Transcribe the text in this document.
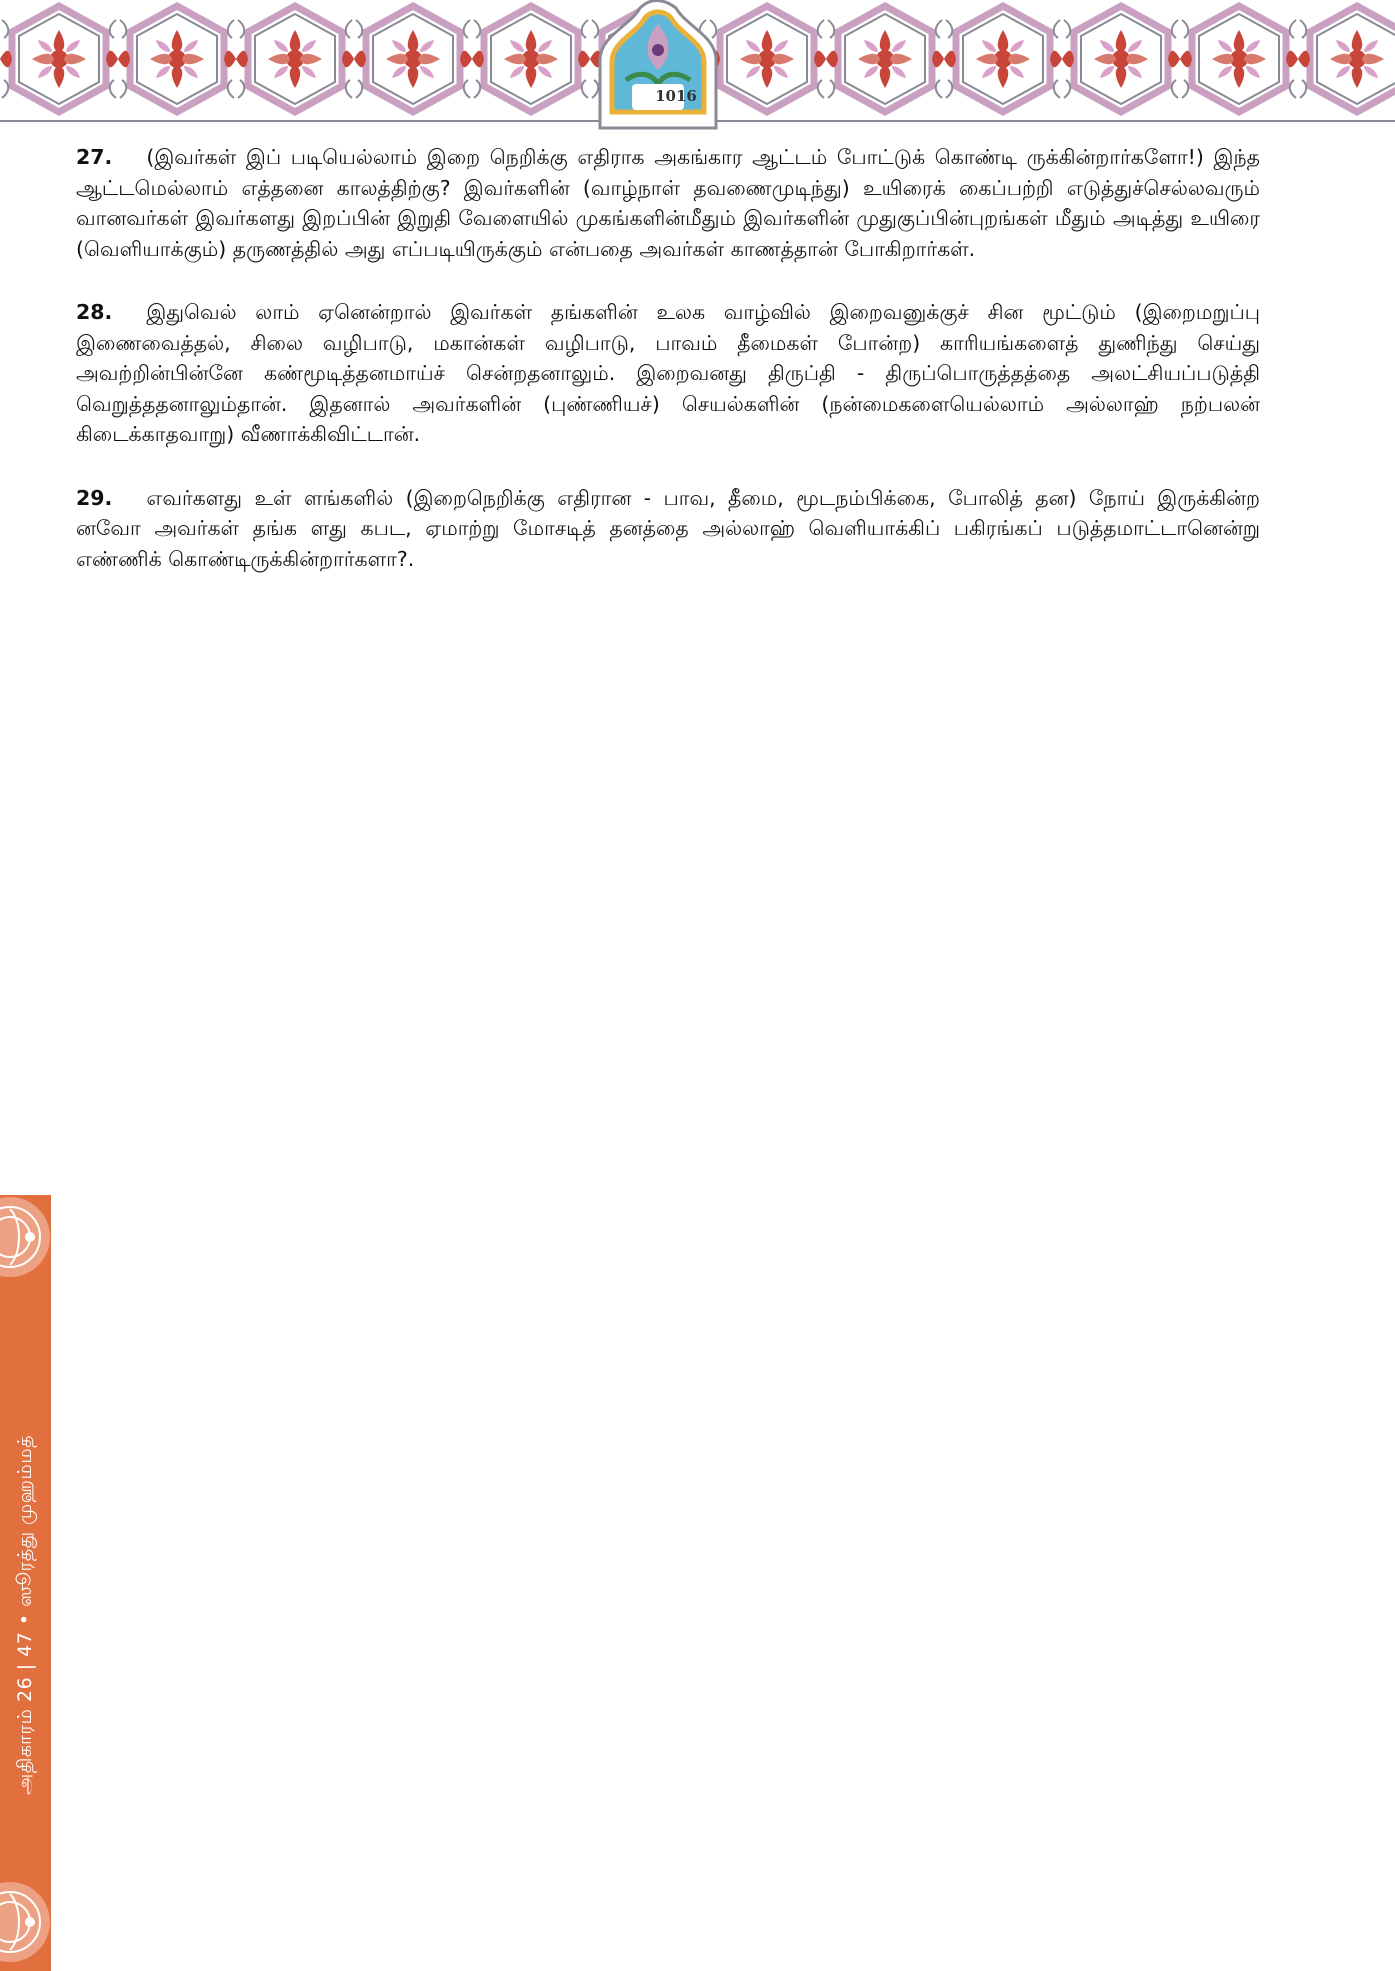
1016

27. (இவர்கள் இப் படியெல்லாம் இறை நெறிக்கு எதிராக அகங்கார ஆட்டம் போட்டுக் கொண்டி ருக்கின்றார்களோ!) இந்த ஆட்டமெல்லாம் எத்தனை காலத்திற்கு? இவர்களின் (வாழ்நாள் தவணைமுடிந்து) உயிரைக் கைப்பற்றி எடுத்துச்செல்லவரும் வானவர்கள் இவர்களது இறப்பின் இறுதி வேளையில் முகங்களின்மீதும் இவர்களின் முதுகுப்பின்புறங்கள் மீதும் அடித்து உயிரை (வெளியாக்கும்) தருணத்தில் அது எப்படியிருக்கும் என்பதை அவர்கள் காணத்தான் போகிறார்கள்.

28. இதுவெல் லாம் ஏனென்றால் இவர்கள் தங்களின் உலக வாழ்வில் இறைவனுக்குச் சின மூட்டும் (இறைமறுப்பு இணைவைத்தல், சிலை வழிபாடு, மகான்கள் வழிபாடு, பாவம் தீமைகள் போன்ற) காரியங்களைத் துணிந்து செய்து அவற்றின்பின்னே கண்மூடித்தனமாய்ச் சென்றதனாலும். இறைவனது திருப்தி - திருப்பொருத்தத்தை அலட்சியப்படுத்தி வெறுத்ததனாலும்தான். இதனால் அவர்களின் (புண்ணியச்) செயல்களின் (நன்மைகளையெல்லாம் அல்லாஹ் நற்பலன் கிடைக்காதவாறு) வீணாக்கிவிட்டான்.

29. எவர்களது உள் ளங்களில் (இறைநெறிக்கு எதிரான - பாவ, தீமை, மூடநம்பிக்கை, போலித் தன) நோய் இருக்கின்ற னவோ அவர்கள் தங்க ளது கபட, ஏமாற்று மோசடித் தனத்தை அல்லாஹ் வெளியாக்கிப் பகிரங்கப் படுத்தமாட்டானென்று எண்ணிக் கொண்டிருக்கின்றார்களா?.

அதிகாரம் 26 | 47 • ஸூரத்து முஹம்மத்
